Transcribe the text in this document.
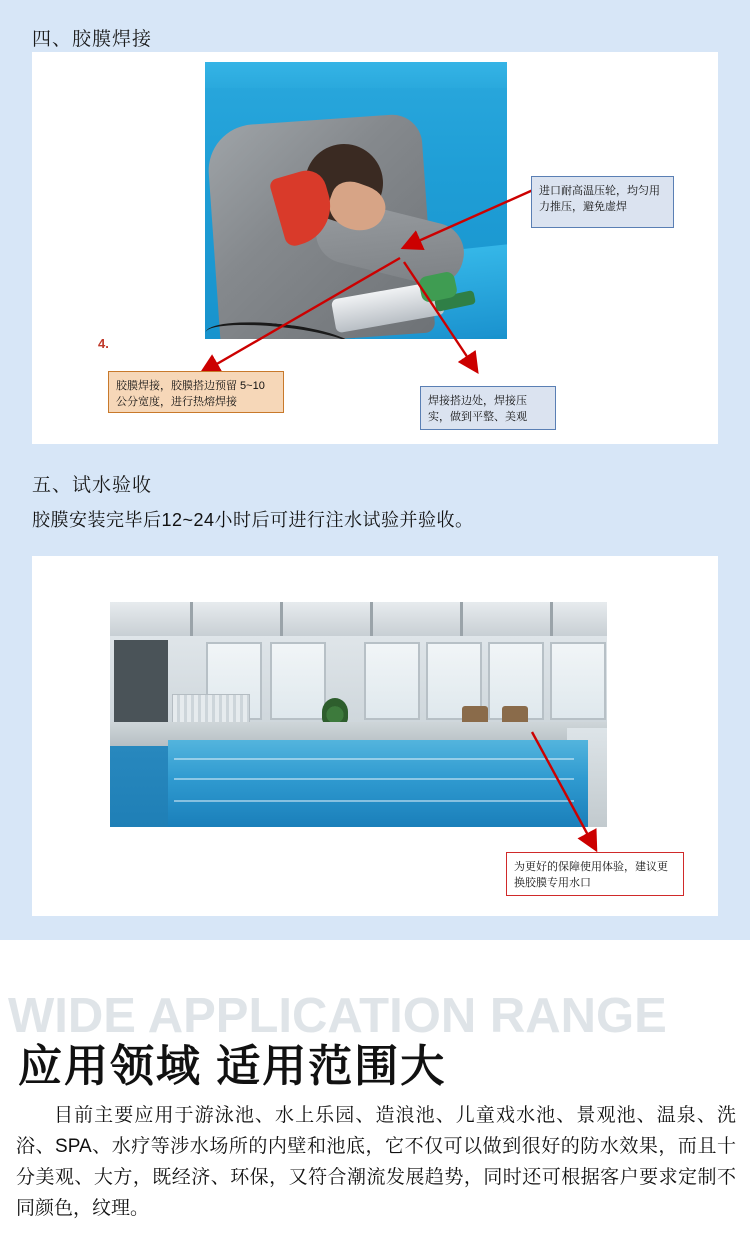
四、胶膜焊接
进口耐高温压轮，均匀用力推压，避免虚焊
4.
胶膜焊接，胶膜搭边预留 5~10 公分宽度，进行热熔焊接	焊接搭边处，焊接压实，做到平整、美观
五、试水验收
胶膜安装完毕后12~24小时后可进行注水试验并验收。
为更好的保障使用体验，建议更换胶膜专用水口
WIDE APPLICATION RANGE
应用领域 适用范围大
目前主要应用于游泳池、水上乐园、造浪池、儿童戏水池、景观池、温泉、洗浴、SPA、水疗等涉水场所的内壁和池底，它不仅可以做到很好的防水效果，而且十分美观、大方，既经济、环保，又符合潮流发展趋势，同时还可根据客户要求定制不同颜色，纹理。
